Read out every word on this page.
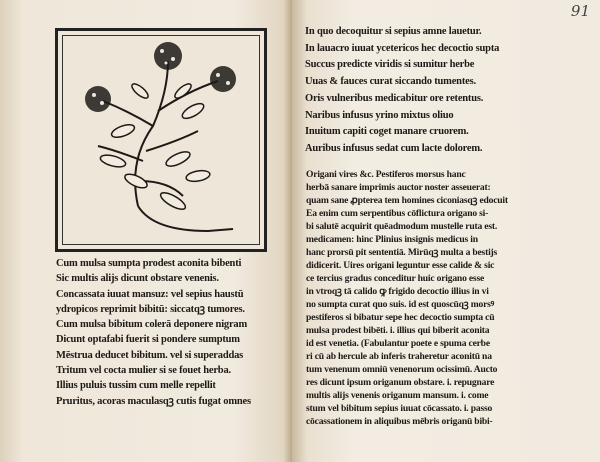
Cum mulsa sumpta prodest aconita bibenti
Sic multis alijs dicunt obstare venenis.
Concassata iuuat mansuz: vel sepius haustū
ydropicos reprimit bibitū: siccatqꝫ tumores.
Cum mulsa bibitum colerā deponere nigram
Dicunt optafabi fuerit si pondere sumptum
Mēstrua deducet bibitum. vel si superaddas
Tritum vel cocta mulier si se fouet herba.
Illius puluis tussim cum melle repellit
Pruritus, acoras maculasqꝫ cutis fugat omnes
91
In quo decoquitur si sepius amne lauetur.
In lauacro iuuat ycetericos hec decoctio supta
Succus predicte viridis si sumitur herbe
Uuas & fauces curat siccando tumentes.
Oris vulneribus medicabitur ore retentus.
Naribus infusus yrino mixtus oliuo
Inuitum capiti coget manare cruorem.
Auribus infusus sedat cum lacte dolorem.
Origani vires &c. Pestiferos morsus hanc
herbā sanare imprimis auctor noster asseuerat:
quam sane ꝓpterea tem homines ciconiasqꝫ edocuit
Ea enim cum serpentibus cōflictura origano si-
bi salutē acquirit quēadmodum mustelle ruta est.
medicamen: hinc Plinius insignis medicus in
hanc prorsū pit sententiā. Mirūqꝫ multa a bestijs
didicerit. Uires origani leguntur esse calide & sic
ce tercius gradus conceditur huic origano esse
in vtroqꝫ tā calido ꝙ frigido decoctio illius in vi
no sumpta curat quo suis. id est quoscūqꝫ morsꝰ
pestiferos si bibatur sepe hec decoctio sumpta cū
mulsa prodest bibēti. i. illius qui biberit aconita
id est venetia. (Fabulantur poete e spuma cerbe
ri cū ab hercule ab inferis traheretur aconitū na
tum venenum omniū venenorum ocissimū. Aucto
res dicunt ipsum origanum obstare. i. repugnare
multis alijs venenis origanum mansum. i. come
stum vel bibitum sepius iuuat cōcassato. i. passo
cōcassationem in aliquibus mēbris origanū bibi-
